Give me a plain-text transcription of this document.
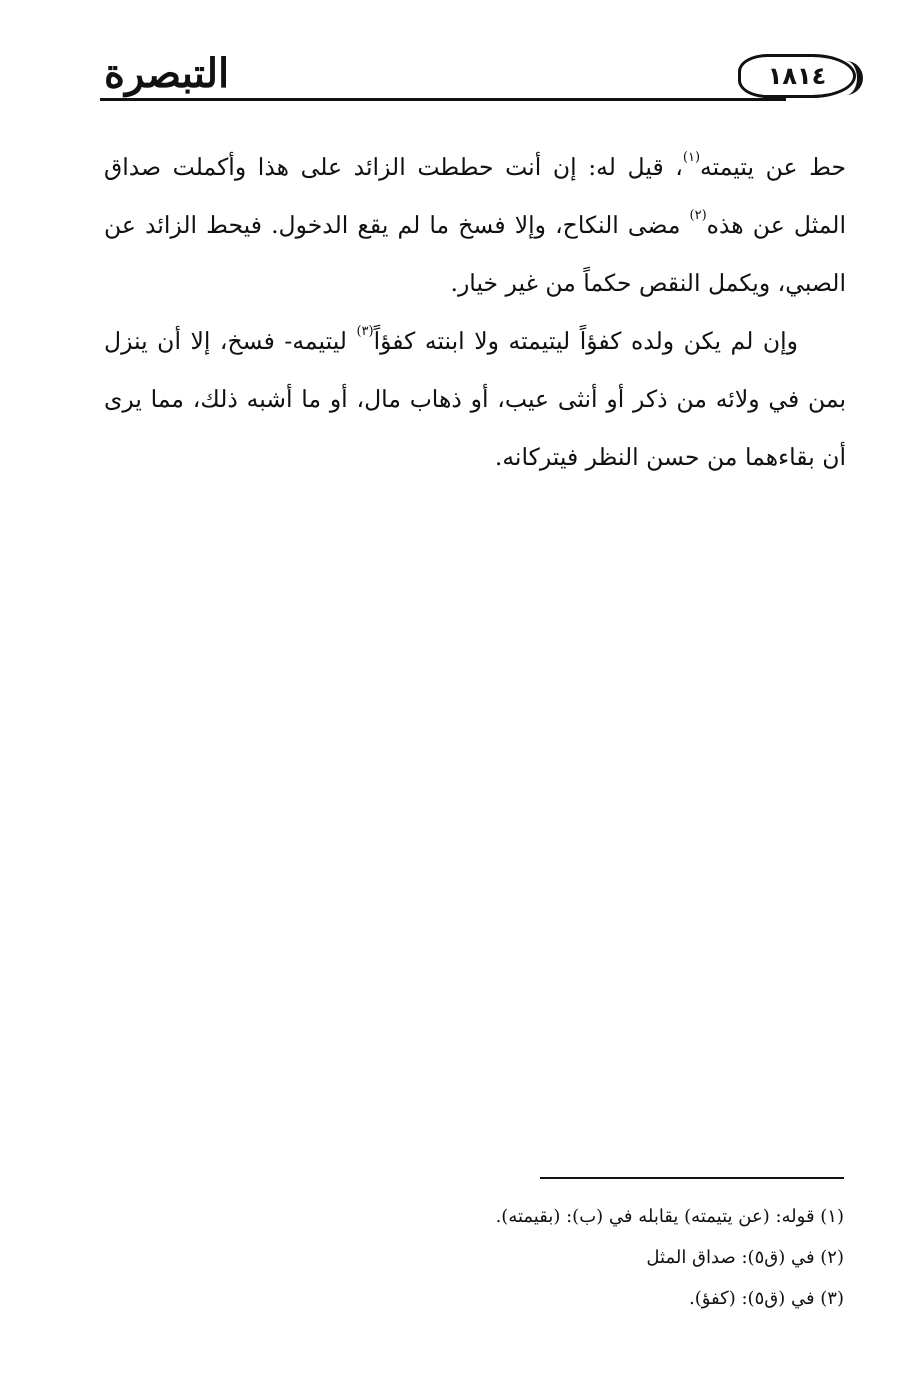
التبصرة	١٨١٤

حط عن يتيمته$^{(١)}$، قيل له: إن أنت حططت الزائد على هذا وأكملت صداق المثل عن هذه$^{(٢)}$ مضى النكاح، وإلا فسخ ما لم يقع الدخول. فيحط الزائد عن الصبي، ويكمل النقص حكماً من غير خيار.

وإن لم يكن ولده كفؤاً ليتيمته ولا ابنته كفؤاً$^{(٣)}$ ليتيمه- فسخ، إلا أن ينزل بمن في ولائه من ذكر أو أنثى عيب، أو ذهاب مال، أو ما أشبه ذلك، مما يرى أن بقاءهما من حسن النظر فيتركانه.

(١) قوله: (عن يتيمته) يقابله في (ب): (بقيمته).
(٢) في (ق٥): صداق المثل
(٣) في (ق٥): (كفؤ).
